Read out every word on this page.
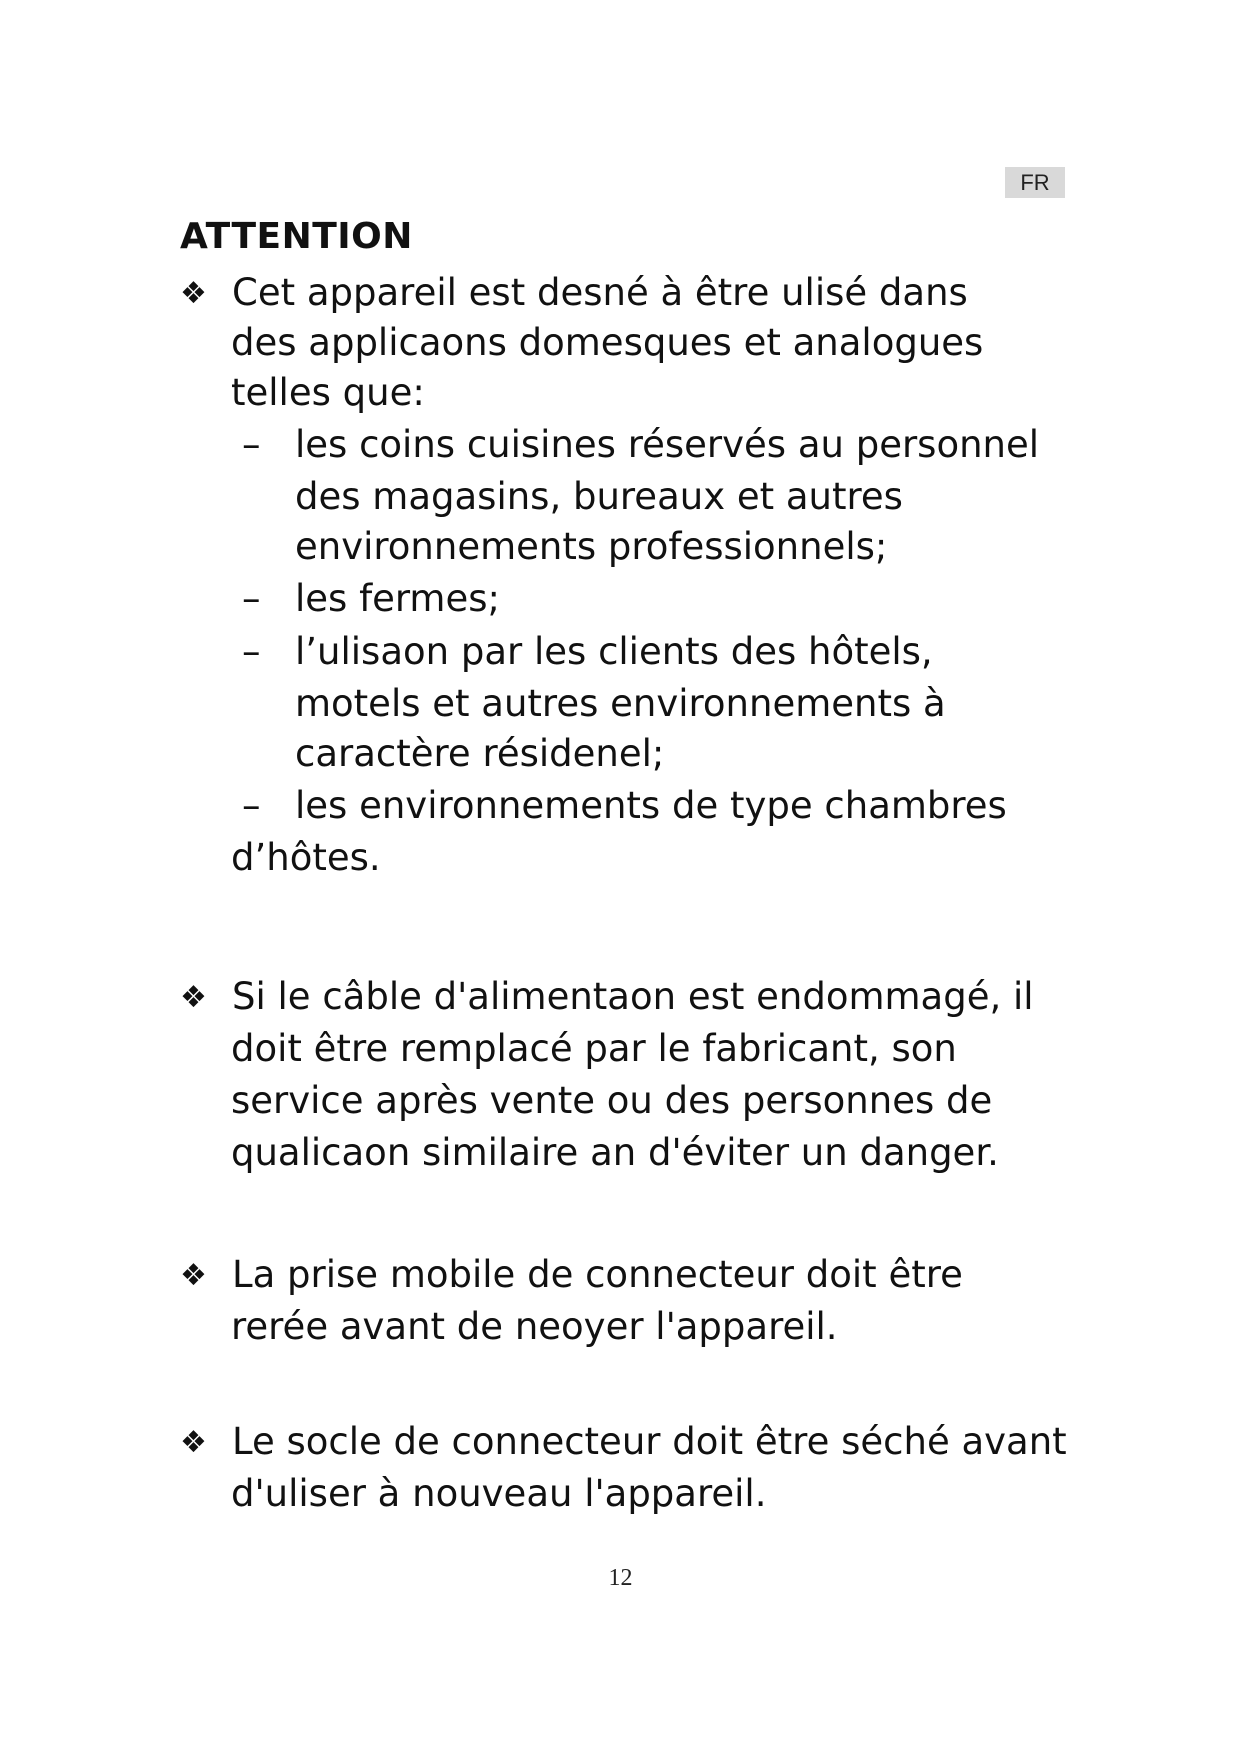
FR
ATTENTION

❖ Cet appareil est desné à être ulisé dans

des applicaons domesques et analogues

telles que:

– les coins cuisines réservés au personnel

des magasins, bureaux et autres

environnements professionnels;

– les fermes;

– l’ulisaon par les clients des hôtels,

motels et autres environnements à

caractère résidenel;

– les environnements de type chambres

d’hôtes.

❖ Si le câble d'alimentaon est endommagé, il

doit être remplacé par le fabricant, son

service après vente ou des personnes de

qualicaon similaire an d'éviter un danger.

❖ La prise mobile de connecteur doit être

rerée avant de neoyer l'appareil.

❖ Le socle de connecteur doit être séché avant

d'uliser à nouveau l'appareil.

12
